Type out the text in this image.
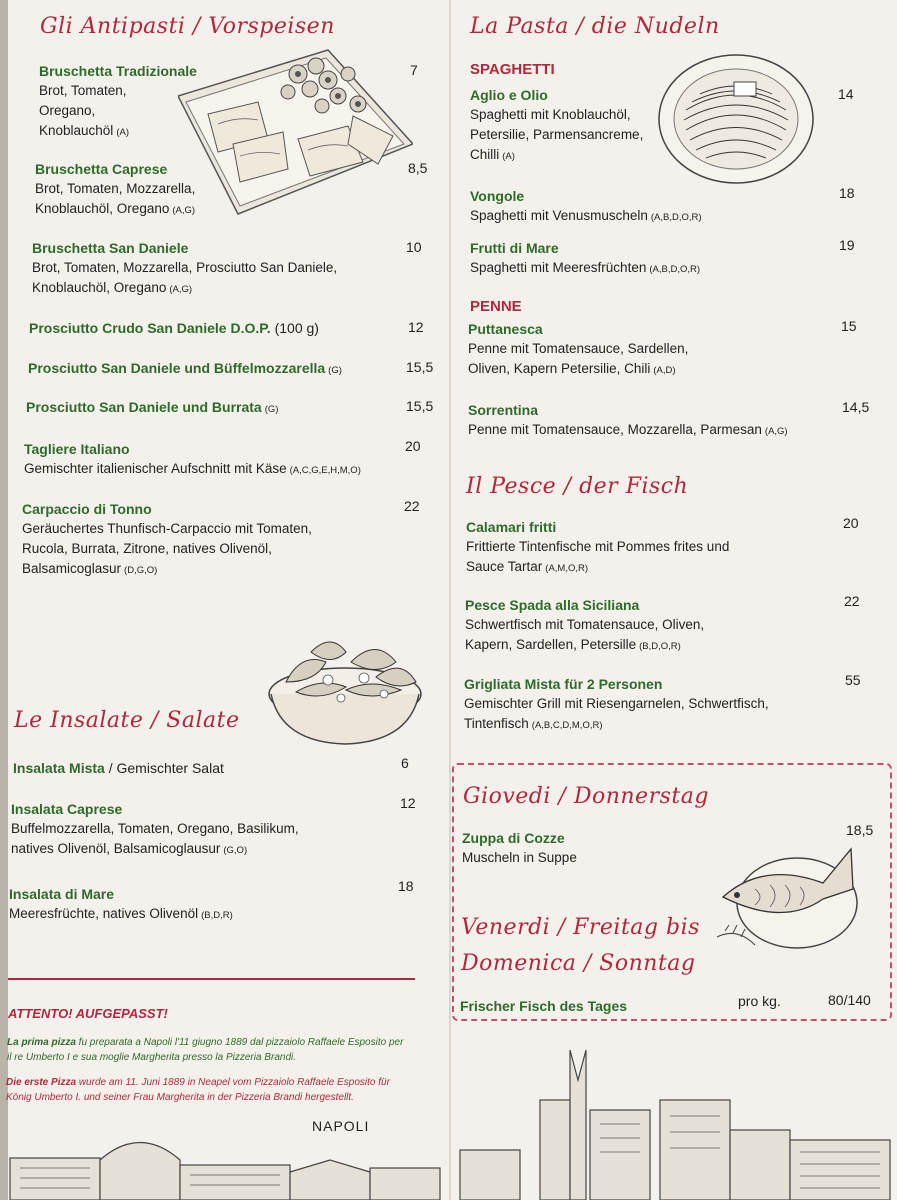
Gli Antipasti / Vorspeisen
Bruschetta Tradizionale
Brot, Tomaten,
Oregano,
Knoblauchöl (A)
7
Bruschetta Caprese
Brot, Tomaten, Mozzarella,
Knoblauchöl, Oregano (A,G)
8,5
Bruschetta San Daniele
Brot, Tomaten, Mozzarella, Prosciutto San Daniele,
Knoblauchöl, Oregano (A,G)
10
Prosciutto Crudo San Daniele D.O.P. (100 g)	12
Prosciutto San Daniele und Büffelmozzarella (G)	15,5
Prosciutto San Daniele und Burrata (G)	15,5
Tagliere Italiano
Gemischter italienischer Aufschnitt mit Käse (A,C,G,E,H,M,O)
20
Carpaccio di Tonno
Geräuchertes Thunfisch-Carpaccio mit Tomaten,
Rucola, Burrata, Zitrone, natives Olivenöl,
Balsamicoglasur (D,G,O)
22
Le Insalate / Salate
Insalata Mista / Gemischter Salat	6
Insalata Caprese
Buffelmozzarella, Tomaten, Oregano, Basilikum,
natives Olivenöl, Balsamicoglausur (G,O)
12
Insalata di Mare
Meeresfrüchte, natives Olivenöl (B,D,R)
18
ATTENTO! AUFGEPASST!
La prima pizza fu preparata a Napoli l'11 giugno 1889 dal pizzaiolo Raffaele Esposito per il re Umberto I e sua moglie Margherita presso la Pizzeria Brandi.
Die erste Pizza wurde am 11. Juni 1889 in Neapel vom Pizzaiolo Raffaele Esposito für König Umberto I. und seiner Frau Margherita in der Pizzeria Brandi hergestellt.
NAPOLI
La Pasta / die Nudeln
SPAGHETTI
Aglio e Olio
Spaghetti mit Knoblauchöl,
Petersilie, Parmensancreme,
Chilli (A)
14
Vongole
Spaghetti mit Venusmuscheln (A,B,D,O,R)
18
Frutti di Mare
Spaghetti mit Meeresfrüchten (A,B,D,O,R)
19
PENNE
Puttanesca
Penne mit Tomatensauce, Sardellen,
Oliven, Kapern Petersilie, Chili (A,D)
15
Sorrentina
Penne mit Tomatensauce, Mozzarella, Parmesan (A,G)
14,5
Il Pesce / der Fisch
Calamari fritti
Frittierte Tintenfische mit Pommes frites und
Sauce Tartar (A,M,O,R)
20
Pesce Spada alla Siciliana
Schwertfisch mit Tomatensauce, Oliven,
Kapern, Sardellen, Petersille (B,D,O,R)
22
Grigliata Mista für 2 Personen
Gemischter Grill mit Riesengarnelen, Schwertfisch,
Tintenfisch (A,B,C,D,M,O,R)
55
Giovedi / Donnerstag
Zuppa di Cozze
Muscheln in Suppe
18,5
Venerdi / Freitag bis
Domenica / Sonntag
Frischer Fisch des Tages	pro kg.	80/140
